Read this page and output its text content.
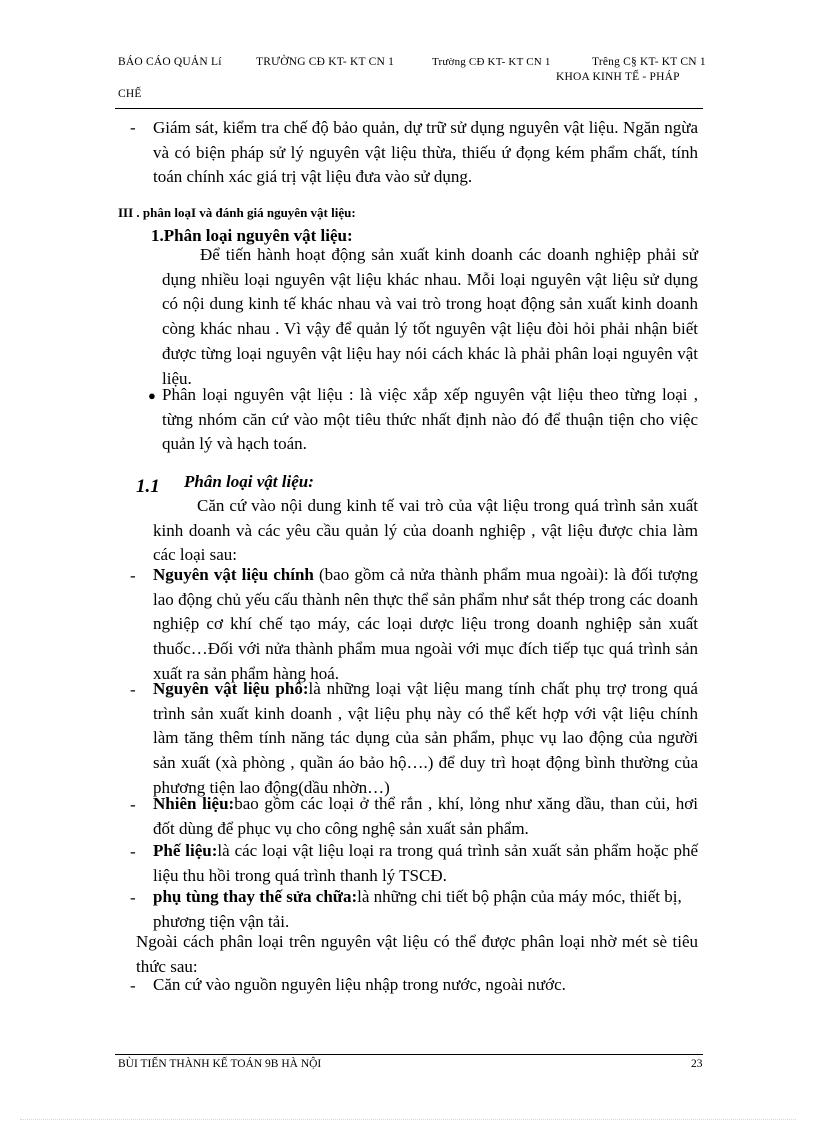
BÁO CÁO QUẢN Lí	TRƯỜNG CĐ KT- KT CN 1	Trường CĐ KT- KT CN 1	Trêng C§ KT- KT CN 1
KHOA KINH TẾ - PHÁP
CHẾ
- Giám sát, kiểm tra chế độ bảo quản, dự trữ sử dụng nguyên vật liệu. Ngăn ngừa và có biện pháp sử lý nguyên vật liệu thừa, thiếu ứ đọng kém phẩm chất, tính toán chính xác giá trị vật liệu đưa vào sử dụng.
III . phân loạI và đánh giá nguyên vật liệu:
1.Phân loại nguyên vật liệu:
Để tiến hành hoạt động sản xuất kinh doanh các doanh nghiệp phải sử dụng nhiều loại nguyên vật liệu khác nhau. Mỗi loại nguyên vật liệu sử dụng có nội dung kinh tế khác nhau và vai trò trong hoạt động sản xuất kinh doanh còng khác nhau . Vì vậy để quản lý tốt nguyên vật liệu đòi hỏi phải nhận biết được từng loại nguyên vật liệu hay nói cách khác là phải phân loại nguyên vật liệu.
● Phân loại nguyên vật liệu : là việc xắp xếp nguyên vật liệu theo từng loại , từng nhóm căn cứ vào một tiêu thức nhất định nào đó để thuận tiện cho việc quản lý và hạch toán.
1.1 Phân loại vật liệu:
Căn cứ vào nội dung kinh tế vai trò của vật liệu trong quá trình sản xuất kinh doanh và các yêu cầu quản lý của doanh nghiệp , vật liệu được chia làm các loại sau:
- Nguyên vật liệu chính (bao gồm cả nửa thành phẩm mua ngoài): là đối tượng lao động chủ yếu cấu thành nên thực thể sản phẩm như sắt thép trong các doanh nghiệp cơ khí chế tạo máy, các loại dược liệu trong doanh nghiệp sản xuất thuốc…Đối với nửa thành phẩm mua ngoài với mục đích tiếp tục quá trình sản xuất ra sản phẩm hàng hoá.
- Nguyên vật liệu phô:là những loại vật liệu mang tính chất phụ trợ trong quá trình sản xuất kinh doanh , vật liệu phụ này có thể kết hợp với vật liệu chính làm tăng thêm tính năng tác dụng của sản phẩm, phục vụ lao động của người sản xuất (xà phòng , quần áo bảo hộ….) để duy trì hoạt động bình thường của phương tiện lao động(dầu nhờn…)
- Nhiên liệu:bao gồm các loại ở thể rắn , khí, lỏng như xăng dầu, than củi, hơi đốt dùng để phục vụ cho công nghệ sản xuất sản phẩm.
- Phế liệu:là các loại vật liệu loại ra trong quá trình sản xuất sản phẩm hoặc phế liệu thu hồi trong quá trình thanh lý TSCĐ.
- phụ tùng thay thế sửa chữa:là những chi tiết bộ phận của máy móc, thiết bị, phương tiện vận tải.
Ngoài cách phân loại trên nguyên vật liệu có thể được phân loại nhờ mét sè tiêu thức sau:
- Căn cứ vào nguồn nguyên liệu nhập trong nước, ngoài nước.
BÙI TIẾN THÀNH KẾ TOÁN 9B HÀ NỘI	23
